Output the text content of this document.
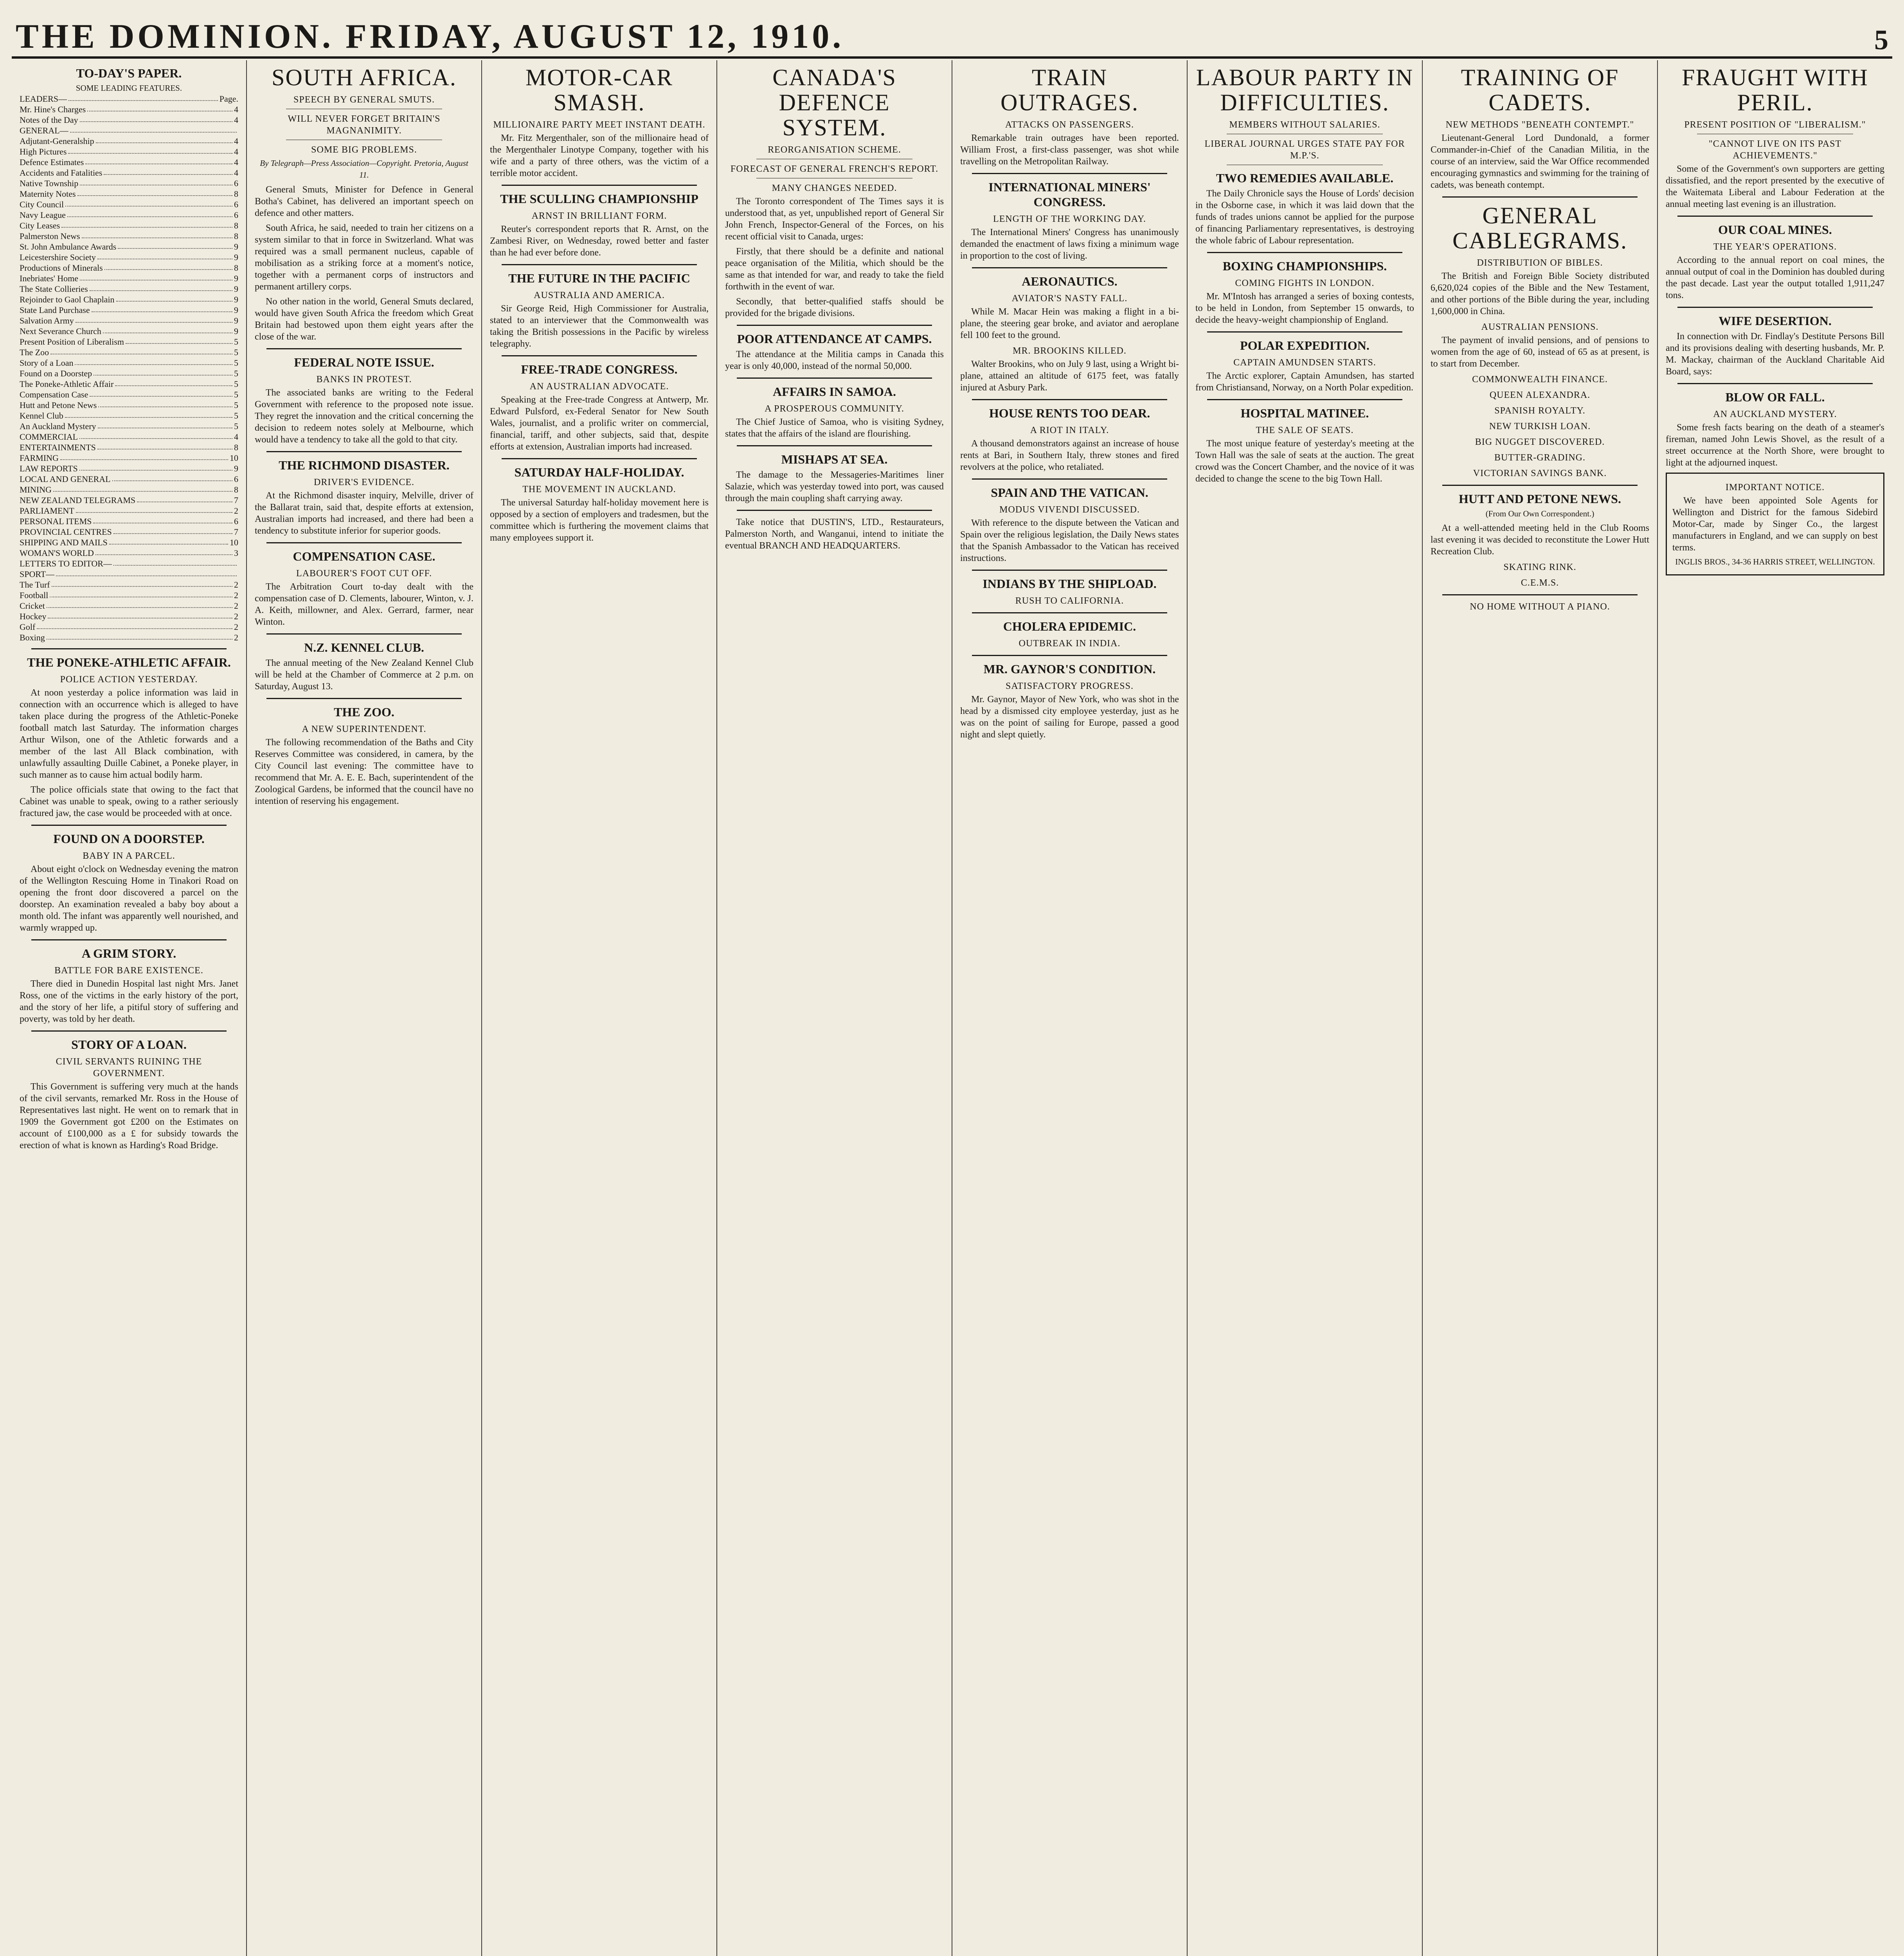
THE DOMINION. FRIDAY, AUGUST 12, 1910.	5
TO-DAY'S PAPER.
SOME LEADING FEATURES.
LEADERS—	Page.
Mr. Hine's Charges	4
Notes of the Day	4
GENERAL—
Adjutant-Generalship	4
High Pictures	4
Defence Estimates	4
Accidents and Fatalities	4
Native Township	6
Maternity Notes	8
City Council	6
Navy League	6
City Leases	8
Palmerston News	8
St. John Ambulance Awards	9
Leicestershire Society	9
Productions of Minerals	8
Inebriates' Home	9
The State Collieries	9
Rejoinder to Gaol Chaplain	9
State Land Purchase	9
Salvation Army	9
Next Severance Church	9
Present Position of Liberalism	5
The Zoo	5
Story of a Loan	5
Found on a Doorstep	5
The Poneke-Athletic Affair	5
Compensation Case	5
Hutt and Petone News	5
Kennel Club	5
An Auckland Mystery	5
COMMERCIAL	4
ENTERTAINMENTS	8
FARMING	10
LAW REPORTS	9
LOCAL AND GENERAL	6
MINING	8
NEW ZEALAND TELEGRAMS	7
PARLIAMENT	2
PERSONAL ITEMS	6
PROVINCIAL CENTRES	7
SHIPPING AND MAILS	10
WOMAN'S WORLD	3
LETTERS TO EDITOR—
SPORT—
The Turf	2
Football	2
Cricket	2
Hockey	2
Golf	2
Boxing	2
THE PONEKE-ATHLETIC AFFAIR.
POLICE ACTION YESTERDAY.

At noon yesterday a police information was laid in connection with an occurrence which is alleged to have taken place during the progress of the Athletic-Poneke football match last Saturday. The information charges Arthur Wilson, one of the Athletic forwards and a member of the last All Black combination, with unlawfully assaulting Duille Cabinet, a Poneke player, in such manner as to cause him actual bodily harm.

The police officials state that owing to the fact that Cabinet was unable to speak, owing to a rather seriously fractured jaw, the case would be proceeded with at once.

FOUND ON A DOORSTEP.
BABY IN A PARCEL.

About eight o'clock on Wednesday evening the matron of the Wellington Rescuing Home in Tinakori Road on opening the front door discovered a parcel on the doorstep. An examination revealed a baby boy about a month old. The infant was apparently well nourished, and warmly wrapped up.

A GRIM STORY.
BATTLE FOR BARE EXISTENCE.

There died in Dunedin Hospital last night Mrs. Janet Ross, one of the victims in the early history of the port, and the story of her life, a pitiful story of suffering and poverty, was told by her death.

STORY OF A LOAN.
CIVIL SERVANTS RUINING THE GOVERNMENT.

This Government is suffering very much at the hands of the civil servants, remarked Mr. Ross in the House of Representatives last night. He went on to remark that in 1909 the Government got £200 on the Estimates on account of £100,000 as a £ for subsidy towards the erection of what is known as Harding's Road Bridge.

SOUTH AFRICA.
SPEECH BY GENERAL SMUTS.
WILL NEVER FORGET BRITAIN'S MAGNANIMITY.
SOME BIG PROBLEMS.

By Telegraph—Press Association—Copyright. Pretoria, August 11.

General Smuts, Minister for Defence in General Botha's Cabinet, has delivered an important speech on defence and other matters.

South Africa, he said, needed to train her citizens on a system similar to that in force in Switzerland. What was required was a small permanent nucleus, capable of mobilisation as a striking force at a moment's notice, together with a permanent corps of instructors and permanent artillery corps.

No other nation in the world, General Smuts declared, would have given South Africa the freedom which Great Britain had bestowed upon them eight years after the close of the war.

FEDERAL NOTE ISSUE.
BANKS IN PROTEST.

The associated banks are writing to the Federal Government with reference to the proposed note issue. They regret the innovation and the critical concerning the decision to redeem notes solely at Melbourne, which would have a tendency to take all the gold to that city.

THE RICHMOND DISASTER.
DRIVER'S EVIDENCE.

At the Richmond disaster inquiry, Melville, driver of the Ballarat train, said that, despite efforts at extension, Australian imports had increased, and there had been a tendency to substitute inferior for superior goods.

COMPENSATION CASE.
LABOURER'S FOOT CUT OFF.

The Arbitration Court to-day dealt with the compensation case of D. Clements, labourer, Winton, v. J. A. Keith, millowner, and Alex. Gerrard, farmer, near Winton.

N.Z. KENNEL CLUB.

The annual meeting of the New Zealand Kennel Club will be held at the Chamber of Commerce at 2 p.m. on Saturday, August 13.

THE ZOO.
A NEW SUPERINTENDENT.

The following recommendation of the Baths and City Reserves Committee was considered, in camera, by the City Council last evening: The committee have to recommend that Mr. A. E. E. Bach, superintendent of the Zoological Gardens, be informed that the council have no intention of reserving his engagement.

MOTOR-CAR SMASH.
MILLIONAIRE PARTY MEET INSTANT DEATH.

Mr. Fitz Mergenthaler, son of the millionaire head of the Mergenthaler Linotype Company, together with his wife and a party of three others, was the victim of a terrible motor accident.

THE SCULLING CHAMPIONSHIP
ARNST IN BRILLIANT FORM.

Reuter's correspondent reports that R. Arnst, on the Zambesi River, on Wednesday, rowed better and faster than he had ever before done.

THE FUTURE IN THE PACIFIC
AUSTRALIA AND AMERICA.

Sir George Reid, High Commissioner for Australia, stated to an interviewer that the Commonwealth was taking the British possessions in the Pacific by wireless telegraphy.

FREE-TRADE CONGRESS.
AN AUSTRALIAN ADVOCATE.

Speaking at the Free-trade Congress at Antwerp, Mr. Edward Pulsford, ex-Federal Senator for New South Wales, journalist, and a prolific writer on commercial, financial, tariff, and other subjects, said that, despite efforts at extension, Australian imports had increased.

SATURDAY HALF-HOLIDAY.
THE MOVEMENT IN AUCKLAND.

The universal Saturday half-holiday movement here is opposed by a section of employers and tradesmen, but the committee which is furthering the movement claims that many employees support it.

CANADA'S DEFENCE SYSTEM.
REORGANISATION SCHEME.
FORECAST OF GENERAL FRENCH'S REPORT.
MANY CHANGES NEEDED.

The Toronto correspondent of The Times says it is understood that, as yet, unpublished report of General Sir John French, Inspector-General of the Forces, on his recent official visit to Canada, urges:

Firstly, that there should be a definite and national peace organisation of the Militia, which should be the same as that intended for war, and ready to take the field forthwith in the event of war.

Secondly, that better-qualified staffs should be provided for the brigade divisions.

POOR ATTENDANCE AT CAMPS.

The attendance at the Militia camps in Canada this year is only 40,000, instead of the normal 50,000.

AFFAIRS IN SAMOA.
A PROSPEROUS COMMUNITY.

The Chief Justice of Samoa, who is visiting Sydney, states that the affairs of the island are flourishing.

MISHAPS AT SEA.

The damage to the Messageries-Maritimes liner Salazie, which was yesterday towed into port, was caused through the main coupling shaft carrying away.

Take notice that DUSTIN'S, LTD., Restaurateurs, Palmerston North, and Wanganui, intend to initiate the eventual BRANCH AND HEADQUARTERS.

TRAIN OUTRAGES.
ATTACKS ON PASSENGERS.

Remarkable train outrages have been reported. William Frost, a first-class passenger, was shot while travelling on the Metropolitan Railway.

INTERNATIONAL MINERS' CONGRESS.
LENGTH OF THE WORKING DAY.

The International Miners' Congress has unanimously demanded the enactment of laws fixing a minimum wage in proportion to the cost of living.

AERONAUTICS.
AVIATOR'S NASTY FALL.

While M. Macar Hein was making a flight in a bi-plane, the steering gear broke, and aviator and aeroplane fell 100 feet to the ground.

MR. BROOKINS KILLED.

Walter Brookins, who on July 9 last, using a Wright bi-plane, attained an altitude of 6175 feet, was fatally injured at Asbury Park.

HOUSE RENTS TOO DEAR.
A RIOT IN ITALY.

A thousand demonstrators against an increase of house rents at Bari, in Southern Italy, threw stones and fired revolvers at the police, who retaliated.

SPAIN AND THE VATICAN.
MODUS VIVENDI DISCUSSED.

With reference to the dispute between the Vatican and Spain over the religious legislation, the Daily News states that the Spanish Ambassador to the Vatican has received instructions.

INDIANS BY THE SHIPLOAD.
RUSH TO CALIFORNIA.
CHOLERA EPIDEMIC.
OUTBREAK IN INDIA.
MR. GAYNOR'S CONDITION.
SATISFACTORY PROGRESS.

Mr. Gaynor, Mayor of New York, who was shot in the head by a dismissed city employee yesterday, just as he was on the point of sailing for Europe, passed a good night and slept quietly.

LABOUR PARTY IN DIFFICULTIES.
MEMBERS WITHOUT SALARIES.
LIBERAL JOURNAL URGES STATE PAY FOR M.P.'S.
TWO REMEDIES AVAILABLE.

The Daily Chronicle says the House of Lords' decision in the Osborne case, in which it was laid down that the funds of trades unions cannot be applied for the purpose of financing Parliamentary representatives, is destroying the whole fabric of Labour representation.

BOXING CHAMPIONSHIPS.
COMING FIGHTS IN LONDON.

Mr. M'Intosh has arranged a series of boxing contests, to be held in London, from September 15 onwards, to decide the heavy-weight championship of England.

POLAR EXPEDITION.
CAPTAIN AMUNDSEN STARTS.

The Arctic explorer, Captain Amundsen, has started from Christiansand, Norway, on a North Polar expedition.

HOSPITAL MATINEE.
THE SALE OF SEATS.

The most unique feature of yesterday's meeting at the Town Hall was the sale of seats at the auction. The great crowd was the Concert Chamber, and the novice of it was decided to change the scene to the big Town Hall.

TRAINING OF CADETS.
NEW METHODS "BENEATH CONTEMPT."

Lieutenant-General Lord Dundonald, a former Commander-in-Chief of the Canadian Militia, in the course of an interview, said the War Office recommended encouraging gymnastics and swimming for the training of cadets, was beneath contempt.

GENERAL CABLEGRAMS.
DISTRIBUTION OF BIBLES.

The British and Foreign Bible Society distributed 6,620,024 copies of the Bible and the New Testament, and other portions of the Bible during the year, including 1,600,000 in China.

AUSTRALIAN PENSIONS.

The payment of invalid pensions, and of pensions to women from the age of 60, instead of 65 as at present, is to start from December.

COMMONWEALTH FINANCE.
QUEEN ALEXANDRA.
SPANISH ROYALTY.
NEW TURKISH LOAN.
BIG NUGGET DISCOVERED.
BUTTER-GRADING.
VICTORIAN SAVINGS BANK.
HUTT AND PETONE NEWS.

(From Our Own Correspondent.)

At a well-attended meeting held in the Club Rooms last evening it was decided to reconstitute the Lower Hutt Recreation Club.

SKATING RINK.
C.E.M.S.
NO HOME WITHOUT A PIANO.
FRAUGHT WITH PERIL.
PRESENT POSITION OF "LIBERALISM."
"CANNOT LIVE ON ITS PAST ACHIEVEMENTS."

Some of the Government's own supporters are getting dissatisfied, and the report presented by the executive of the Waitemata Liberal and Labour Federation at the annual meeting last evening is an illustration.

OUR COAL MINES.
THE YEAR'S OPERATIONS.

According to the annual report on coal mines, the annual output of coal in the Dominion has doubled during the past decade. Last year the output totalled 1,911,247 tons.

WIFE DESERTION.

In connection with Dr. Findlay's Destitute Persons Bill and its provisions dealing with deserting husbands, Mr. P. M. Mackay, chairman of the Auckland Charitable Aid Board, says:

BLOW OR FALL.
AN AUCKLAND MYSTERY.

Some fresh facts bearing on the death of a steamer's fireman, named John Lewis Shovel, as the result of a street occurrence at the North Shore, were brought to light at the adjourned inquest.

IMPORTANT NOTICE.

We have been appointed Sole Agents for Wellington and District for the famous Sidebird Motor-Car, made by Singer Co., the largest manufacturers in England, and we can supply on best terms.

INGLIS BROS., 34-36 HARRIS STREET, WELLINGTON.
